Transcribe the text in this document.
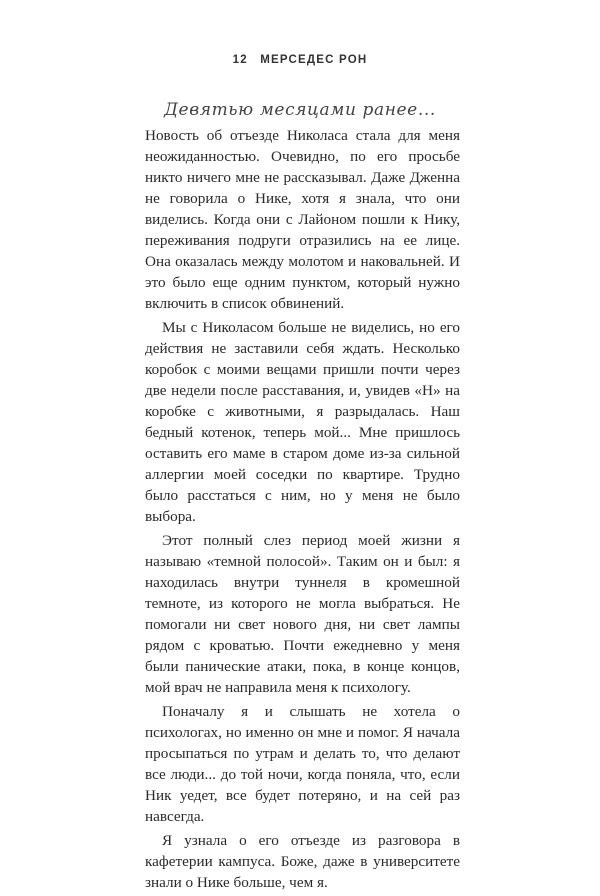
12 МЕРСЕДЕС РОН
Девятью месяцами ранее...

Новость об отъезде Николаса стала для меня неожиданностью. Очевидно, по его просьбе никто ничего мне не рассказывал. Даже Дженна не говорила о Нике, хотя я знала, что они виделись. Когда они с Лайоном пошли к Нику, переживания подруги отразились на ее лице. Она оказалась между молотом и наковальней. И это было еще одним пунктом, который нужно включить в список обвинений.

Мы с Николасом больше не виделись, но его действия не заставили себя ждать. Несколько коробок с моими вещами пришли почти через две недели после расставания, и, увидев «Н» на коробке с животными, я разрыдалась. Наш бедный котенок, теперь мой... Мне пришлось оставить его маме в старом доме из-за сильной аллергии моей соседки по квартире. Трудно было расстаться с ним, но у меня не было выбора.

Этот полный слез период моей жизни я называю «темной полосой». Таким он и был: я находилась внутри туннеля в кромешной темноте, из которого не могла выбраться. Не помогали ни свет нового дня, ни свет лампы рядом с кроватью. Почти ежедневно у меня были панические атаки, пока, в конце концов, мой врач не направила меня к психологу.

Поначалу я и слышать не хотела о психологах, но именно он мне и помог. Я начала просыпаться по утрам и делать то, что делают все люди... до той ночи, когда поняла, что, если Ник уедет, все будет потеряно, и на сей раз навсегда.

Я узнала о его отъезде из разговора в кафетерии кампуса. Боже, даже в университете знали о Нике больше, чем я.
